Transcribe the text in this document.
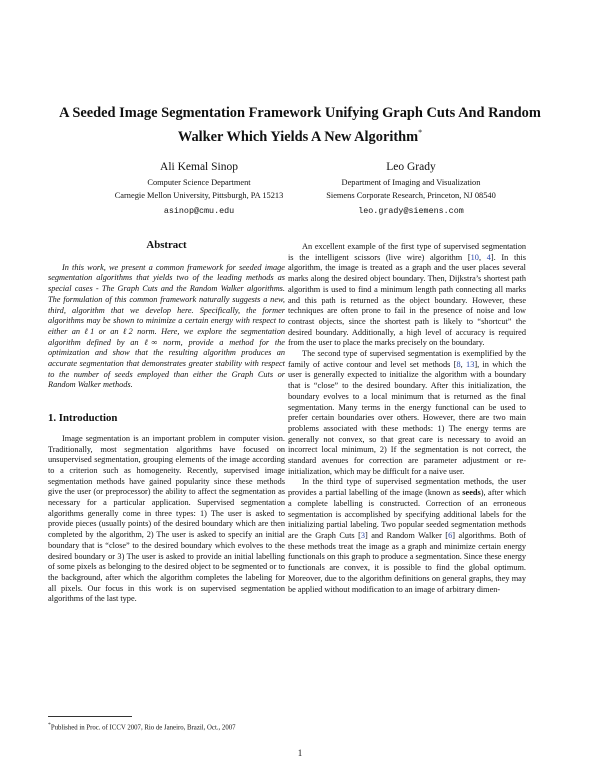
A Seeded Image Segmentation Framework Unifying Graph Cuts And Random Walker Which Yields A New Algorithm*
Ali Kemal Sinop
Computer Science Department
Carnegie Mellon University, Pittsburgh, PA 15213
asinop@cmu.edu
Leo Grady
Department of Imaging and Visualization
Siemens Corporate Research, Princeton, NJ 08540
leo.grady@siemens.com
Abstract

In this work, we present a common framework for seeded image segmentation algorithms that yields two of the leading methods as special cases - The Graph Cuts and the Random Walker algorithms. The formulation of this common framework naturally suggests a new, third, algorithm that we develop here. Specifically, the former algorithms may be shown to minimize a certain energy with respect to either an ℓ1 or an ℓ2 norm. Here, we explore the segmentation algorithm defined by an ℓ∞ norm, provide a method for the optimization and show that the resulting algorithm produces an accurate segmentation that demonstrates greater stability with respect to the number of seeds employed than either the Graph Cuts or Random Walker methods.

1. Introduction

Image segmentation is an important problem in computer vision. Traditionally, most segmentation algorithms have focused on unsupervised segmentation, grouping elements of the image according to a criterion such as homogeneity. Recently, supervised image segmentation methods have gained popularity since these methods give the user (or preprocessor) the ability to affect the segmentation as necessary for a particular application. Supervised segmentation algorithms generally come in three types: 1) The user is asked to provide pieces (usually points) of the desired boundary which are then completed by the algorithm, 2) The user is asked to specify an initial boundary that is “close” to the desired boundary which evolves to the desired boundary or 3) The user is asked to provide an initial labelling of some pixels as belonging to the desired object to be segmented or to the background, after which the algorithm completes the labeling for all pixels. Our focus in this work is on supervised segmentation algorithms of the last type.

An excellent example of the first type of supervised segmentation is the intelligent scissors (live wire) algorithm [10, 4]. In this algorithm, the image is treated as a graph and the user places several marks along the desired object boundary. Then, Dijkstra’s shortest path algorithm is used to find a minimum length path connecting all marks and this path is returned as the object boundary. However, these techniques are often prone to fail in the presence of noise and low contrast objects, since the shortest path is likely to “shortcut” the desired boundary. Additionally, a high level of accuracy is required from the user to place the marks precisely on the boundary.

The second type of supervised segmentation is exemplified by the family of active contour and level set methods [8, 13], in which the user is generally expected to initialize the algorithm with a boundary that is “close” to the desired boundary. After this initialization, the boundary evolves to a local minimum that is returned as the final segmentation. Many terms in the energy functional can be used to prefer certain boundaries over others. However, there are two main problems associated with these methods: 1) The energy terms are generally not convex, so that great care is necessary to avoid an incorrect local minimum, 2) If the segmentation is not correct, the standard avenues for correction are parameter adjustment or re-initialization, which may be difficult for a naive user.

In the third type of supervised segmentation methods, the user provides a partial labelling of the image (known as seeds), after which a complete labelling is constructed. Correction of an erroneous segmentation is accomplished by specifying additional labels for the initializing partial labeling. Two popular seeded segmentation methods are the Graph Cuts [3] and Random Walker [6] algorithms. Both of these methods treat the image as a graph and minimize certain energy functionals on this graph to produce a segmentation. Since these energy functionals are convex, it is possible to find the global optimum. Moreover, due to the algorithm definitions on general graphs, they may be applied without modification to an image of arbitrary dimen-

*Published in Proc. of ICCV 2007, Rio de Janeiro, Brazil, Oct., 2007
1
